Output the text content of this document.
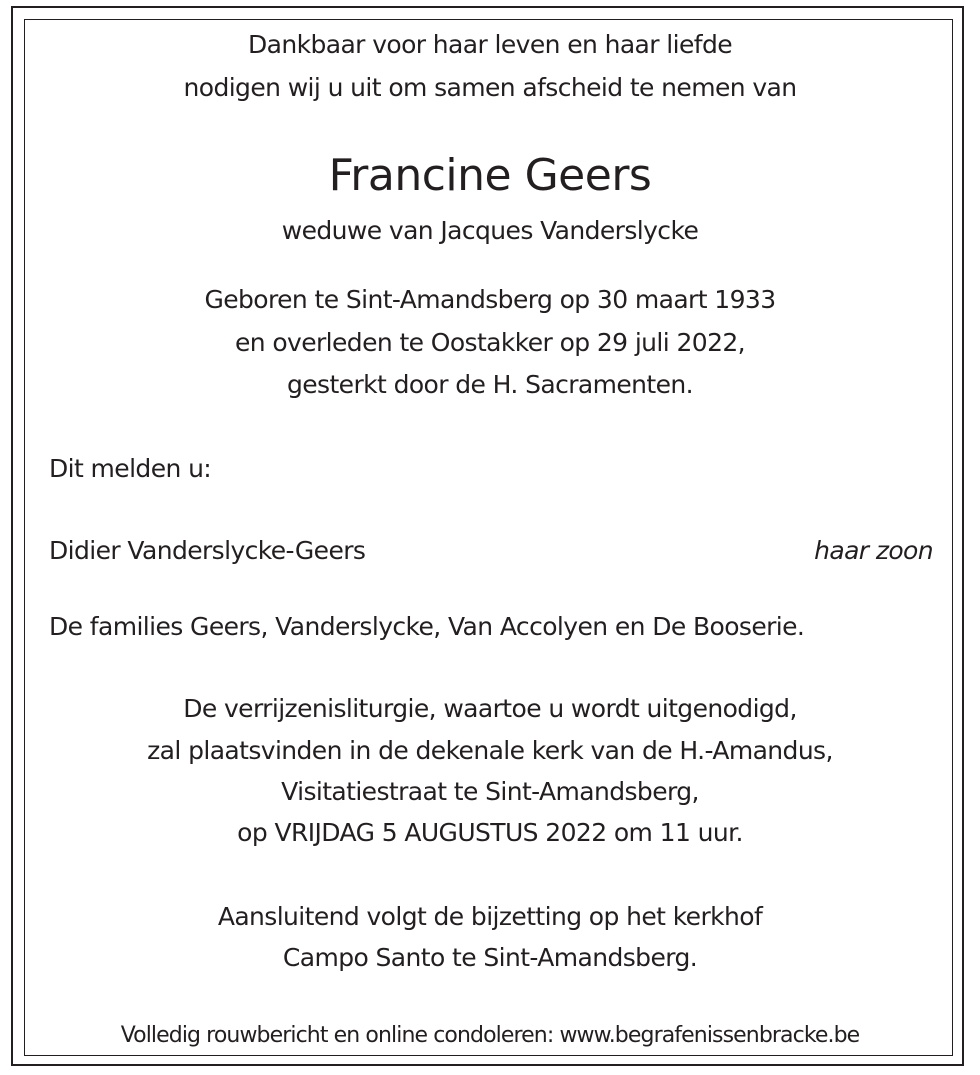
Dankbaar voor haar leven en haar liefde
nodigen wij u uit om samen afscheid te nemen van
Francine Geers
weduwe van Jacques Vanderslycke
Geboren te Sint-Amandsberg op 30 maart 1933
en overleden te Oostakker op 29 juli 2022,
gesterkt door de H. Sacramenten.
Dit melden u:
Didier Vanderslycke-Geers	haar zoon
De families Geers, Vanderslycke, Van Accolyen en De Booserie.
De verrijzenisliturgie, waartoe u wordt uitgenodigd,
zal plaatsvinden in de dekenale kerk van de H.-Amandus,
Visitatiestraat te Sint-Amandsberg,
op VRIJDAG 5 AUGUSTUS 2022 om 11 uur.
Aansluitend volgt de bijzetting op het kerkhof
Campo Santo te Sint-Amandsberg.
Volledig rouwbericht en online condoleren: www.begrafenissenbracke.be
